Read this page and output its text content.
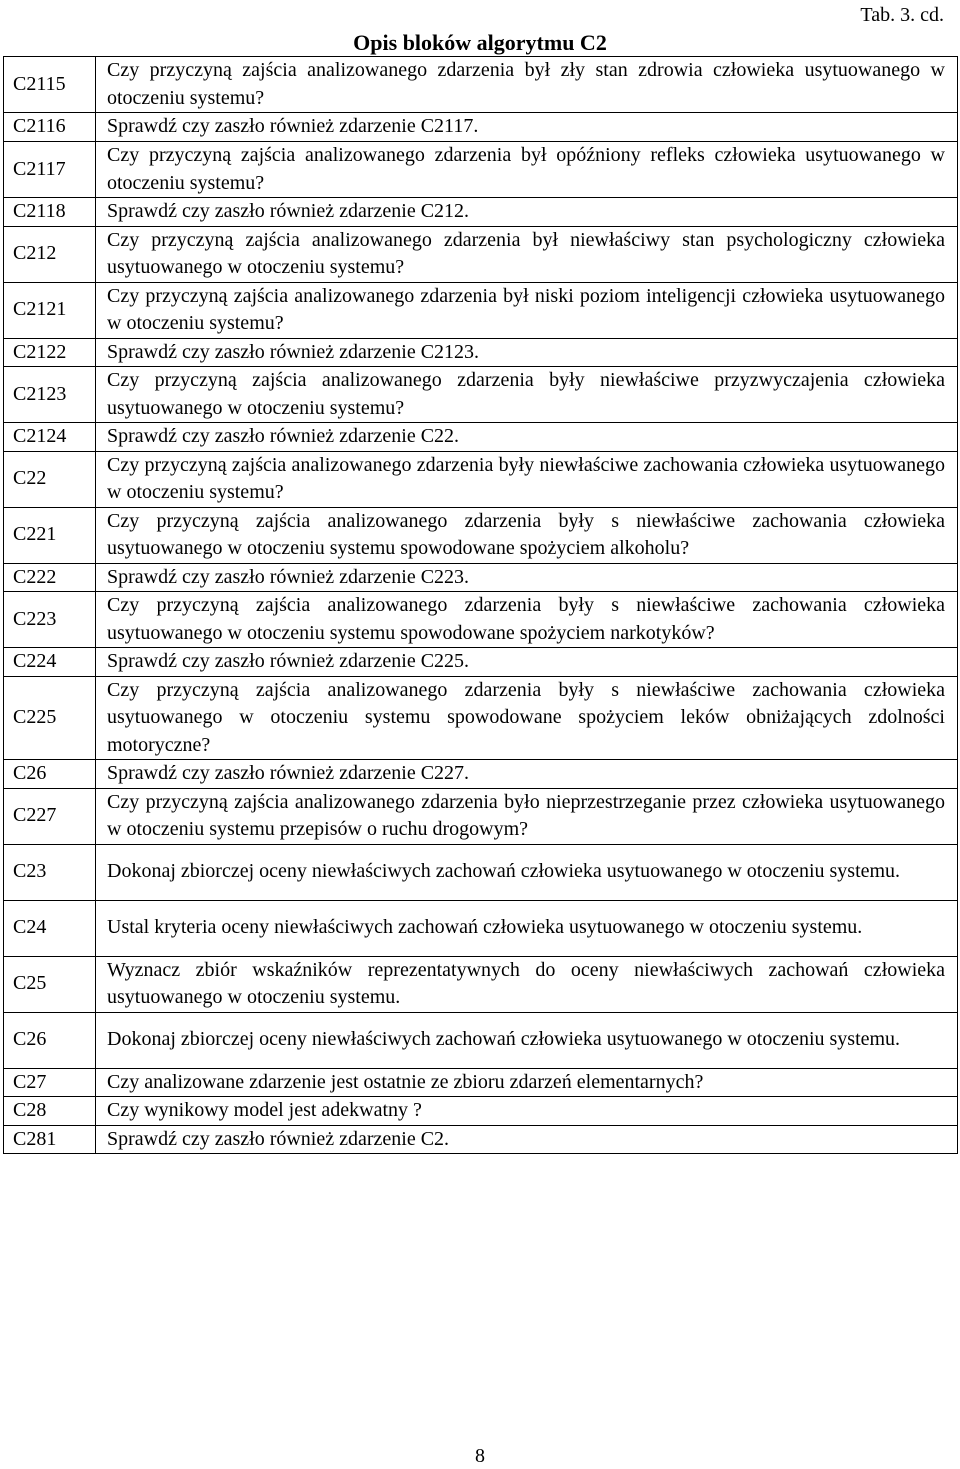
Tab. 3. cd.
Opis bloków algorytmu C2
C2115	Czy przyczyną zajścia analizowanego zdarzenia był zły stan zdrowia człowieka usytuowanego w otoczeniu systemu?
C2116	Sprawdź czy zaszło również zdarzenie C2117.
C2117	Czy przyczyną zajścia analizowanego zdarzenia był opóźniony refleks człowieka usytuowanego w otoczeniu systemu?
C2118	Sprawdź czy zaszło również zdarzenie C212.
C212	Czy przyczyną zajścia analizowanego zdarzenia był niewłaściwy stan psychologiczny człowieka usytuowanego w otoczeniu systemu?
C2121	Czy przyczyną zajścia analizowanego zdarzenia był niski poziom inteligencji człowieka usytuowanego w otoczeniu systemu?
C2122	Sprawdź czy zaszło również zdarzenie C2123.
C2123	Czy przyczyną zajścia analizowanego zdarzenia były niewłaściwe przyzwyczajenia człowieka usytuowanego w otoczeniu systemu?
C2124	Sprawdź czy zaszło również zdarzenie C22.
C22	Czy przyczyną zajścia analizowanego zdarzenia były niewłaściwe zachowania człowieka usytuowanego w otoczeniu systemu?
C221	Czy przyczyną zajścia analizowanego zdarzenia były s niewłaściwe zachowania człowieka usytuowanego w otoczeniu systemu spowodowane spożyciem alkoholu?
C222	Sprawdź czy zaszło również zdarzenie C223.
C223	Czy przyczyną zajścia analizowanego zdarzenia były s niewłaściwe zachowania człowieka usytuowanego w otoczeniu systemu spowodowane spożyciem narkotyków?
C224	Sprawdź czy zaszło również zdarzenie C225.
C225	Czy przyczyną zajścia analizowanego zdarzenia były s niewłaściwe zachowania człowieka usytuowanego w otoczeniu systemu spowodowane spożyciem leków obniżających zdolności motoryczne?
C26	Sprawdź czy zaszło również zdarzenie C227.
C227	Czy przyczyną zajścia analizowanego zdarzenia było nieprzestrzeganie przez człowieka usytuowanego w otoczeniu systemu przepisów o ruchu drogowym?
C23	Dokonaj zbiorczej oceny niewłaściwych zachowań człowieka usytuowanego w otoczeniu systemu.
C24	Ustal kryteria oceny niewłaściwych zachowań człowieka usytuowanego w otoczeniu systemu.
C25	Wyznacz zbiór wskaźników reprezentatywnych do oceny niewłaściwych zachowań człowieka usytuowanego w otoczeniu systemu.
C26	Dokonaj zbiorczej oceny niewłaściwych zachowań człowieka usytuowanego w otoczeniu systemu.
C27	Czy analizowane zdarzenie jest ostatnie ze zbioru zdarzeń elementarnych?
C28	Czy wynikowy model jest adekwatny ?
C281	Sprawdź czy zaszło również zdarzenie C2.
8
